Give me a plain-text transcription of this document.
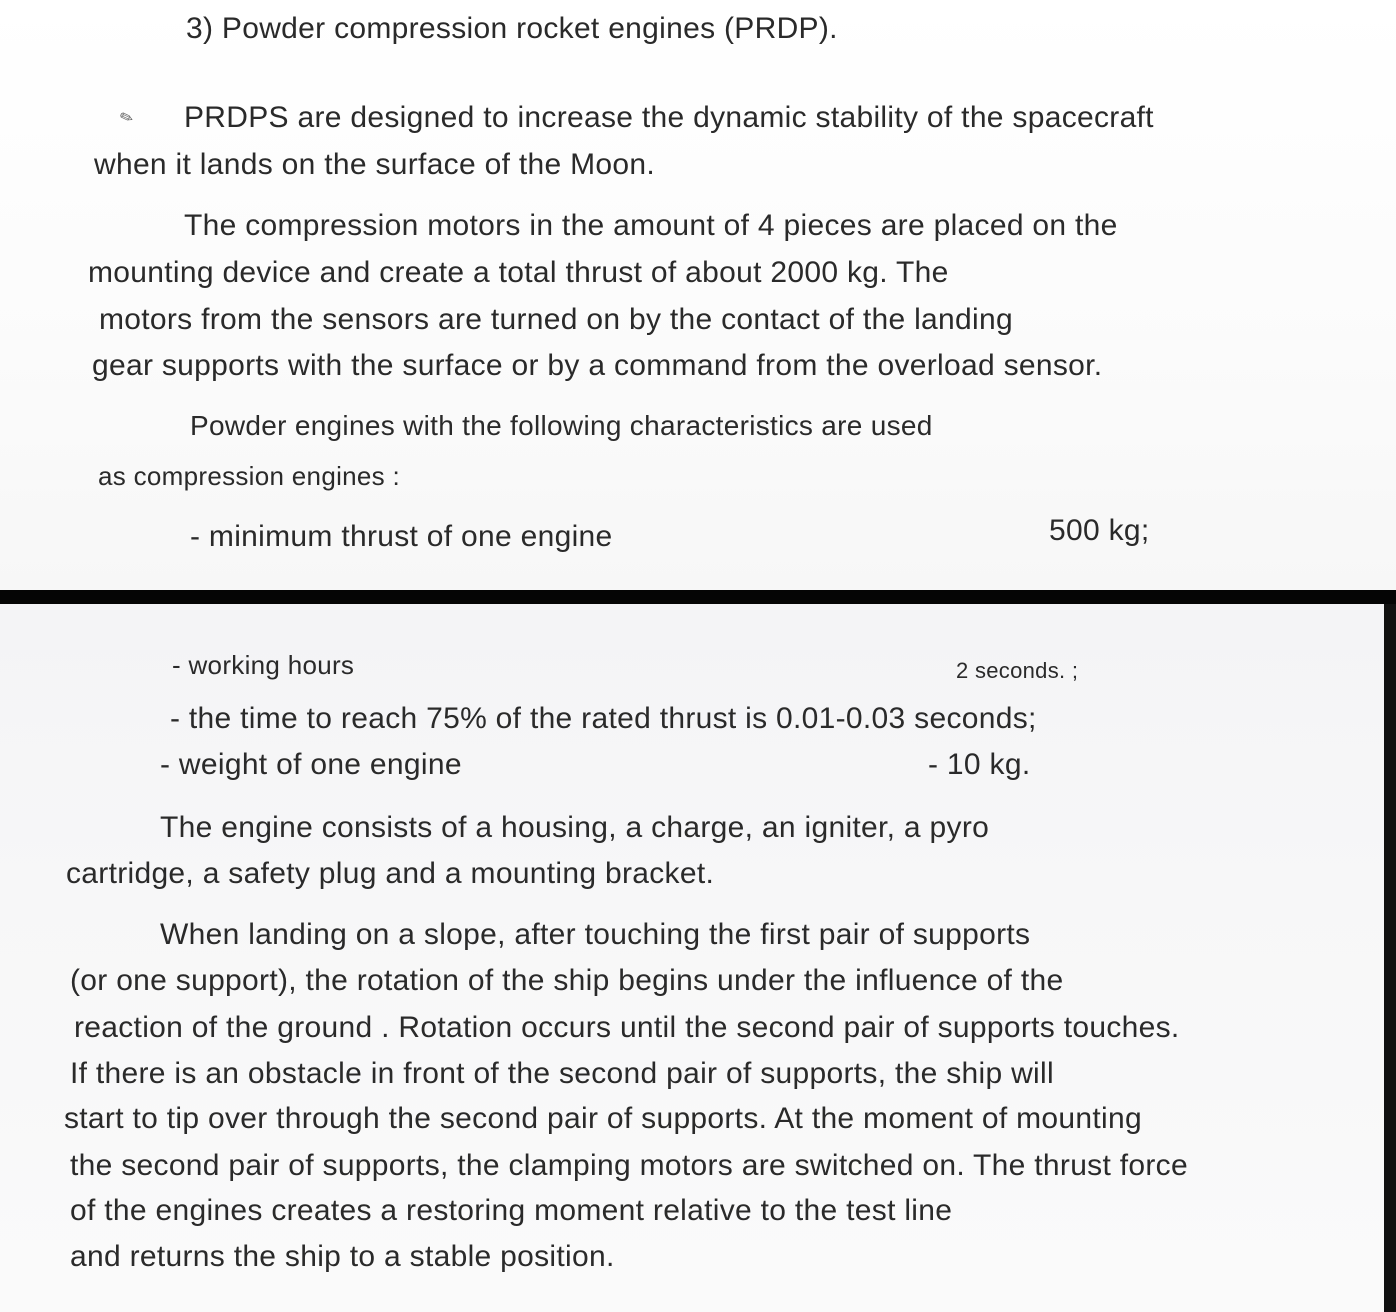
✎
3) Powder compression rocket engines (PRDP).
PRDPS are designed to increase the dynamic stability of the spacecraft
when it lands on the surface of the Moon.
The compression motors in the amount of 4 pieces are placed on the
mounting device and create a total thrust of about 2000 kg. The
motors from the sensors are turned on by the contact of the landing
gear supports with the surface or by a command from the overload sensor.
Powder engines with the following characteristics are used
as compression engines :
- minimum thrust of one engine	500 kg;
- working hours	2 seconds. ;
- the time to reach 75% of the rated thrust is 0.01-0.03 seconds;
- weight of one engine	- 10 kg.
The engine consists of a housing, a charge, an igniter, a pyro
cartridge, a safety plug and a mounting bracket.
When landing on a slope, after touching the first pair of supports
(or one support), the rotation of the ship begins under the influence of the
reaction of the ground . Rotation occurs until the second pair of supports touches.
If there is an obstacle in front of the second pair of supports, the ship will
start to tip over through the second pair of supports. At the moment of mounting
the second pair of supports, the clamping motors are switched on. The thrust force
of the engines creates a restoring moment relative to the test line
and returns the ship to a stable position.
